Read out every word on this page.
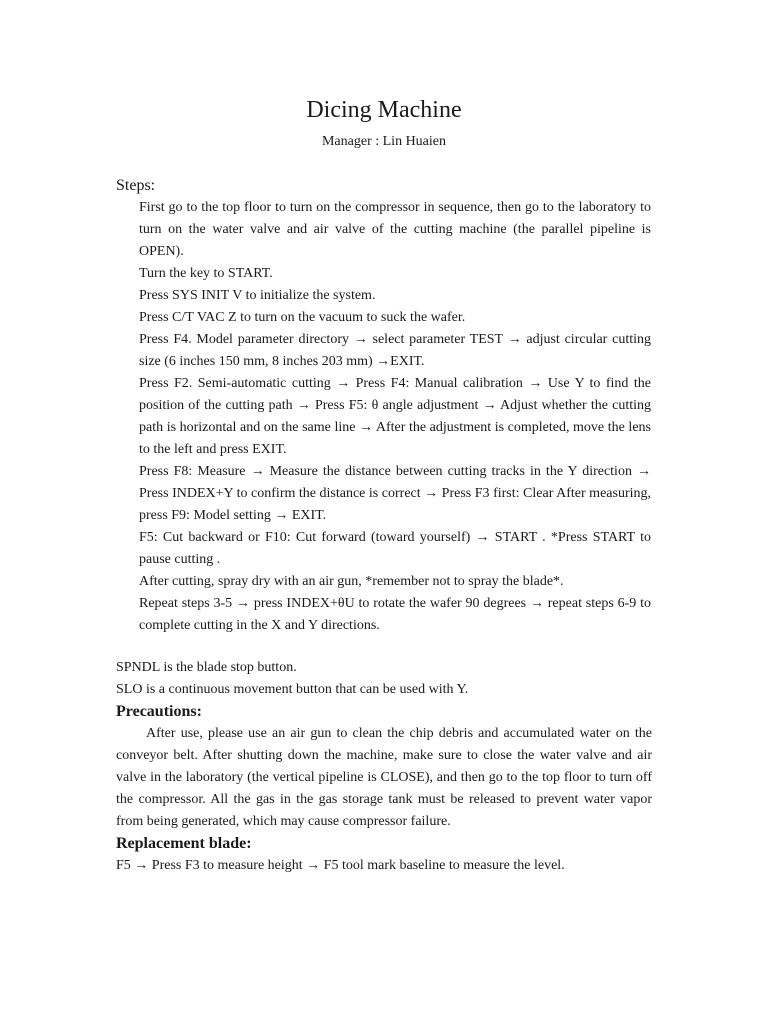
Dicing Machine
Manager : Lin Huaien
Steps:
First go to the top floor to turn on the compressor in sequence, then go to the laboratory to turn on the water valve and air valve of the cutting machine (the parallel pipeline is OPEN).
Turn the key to START.
Press SYS INIT V to initialize the system.
Press C/T VAC Z to turn on the vacuum to suck the wafer.
Press F4. Model parameter directory → select parameter TEST → adjust circular cutting size (6 inches 150 mm, 8 inches 203 mm) →EXIT.
Press F2. Semi-automatic cutting → Press F4: Manual calibration → Use Y to find the position of the cutting path → Press F5: θ angle adjustment → Adjust whether the cutting path is horizontal and on the same line → After the adjustment is completed, move the lens to the left and press EXIT.
Press F8: Measure → Measure the distance between cutting tracks in the Y direction → Press INDEX+Y to confirm the distance is correct → Press F3 first: Clear After measuring, press F9: Model setting → EXIT.
F5: Cut backward or F10: Cut forward (toward yourself) → START . *Press START to pause cutting .
After cutting, spray dry with an air gun, *remember not to spray the blade*.
Repeat steps 3-5 → press INDEX+θU to rotate the wafer 90 degrees → repeat steps 6-9 to complete cutting in the X and Y directions.
SPNDL is the blade stop button.
SLO is a continuous movement button that can be used with Y.
Precautions:
After use, please use an air gun to clean the chip debris and accumulated water on the conveyor belt. After shutting down the machine, make sure to close the water valve and air valve in the laboratory (the vertical pipeline is CLOSE), and then go to the top floor to turn off the compressor. All the gas in the gas storage tank must be released to prevent water vapor from being generated, which may cause compressor failure.
Replacement blade:
F5 → Press F3 to measure height → F5 tool mark baseline to measure the level.
